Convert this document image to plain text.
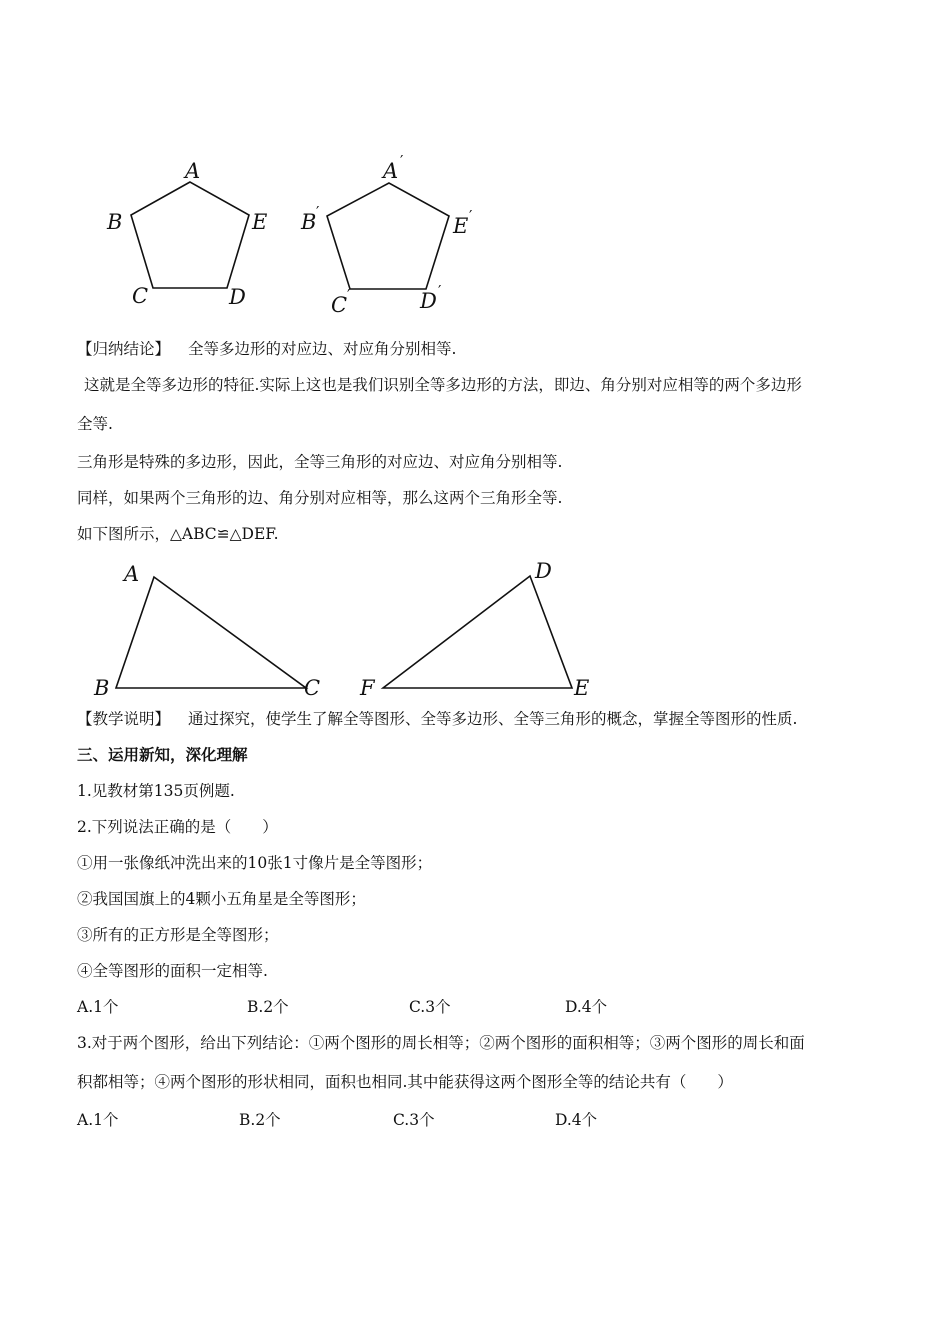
A
B
C	D
E
A ′
B ′
C ′	D ′
E ′
A
B	C
D
E
F
【归纳结论】 全等多边形的对应边、对应角分别相等.
这就是全等多边形的特征.实际上这也是我们识别全等多边形的方法，即边、角分别对应相等的两个多边形
全等.
三角形是特殊的多边形，因此，全等三角形的对应边、对应角分别相等.
同样，如果两个三角形的边、角分别对应相等，那么这两个三角形全等.
如下图所示，△ABC≌△DEF.
【教学说明】 通过探究，使学生了解全等图形、全等多边形、全等三角形的概念，掌握全等图形的性质.
三、运用新知，深化理解
1.见教材第135页例题.
2.下列说法正确的是（　　）
①用一张像纸冲洗出来的10张1寸像片是全等图形；
②我国国旗上的4颗小五角星是全等图形；
③所有的正方形是全等图形；
④全等图形的面积一定相等.
A.1个	B.2个	C.3个	D.4个
3.对于两个图形，给出下列结论：①两个图形的周长相等；②两个图形的面积相等；③两个图形的周长和面
积都相等；④两个图形的形状相同，面积也相同.其中能获得这两个图形全等的结论共有（　　）
A.1个	B.2个	C.3个	D.4个
